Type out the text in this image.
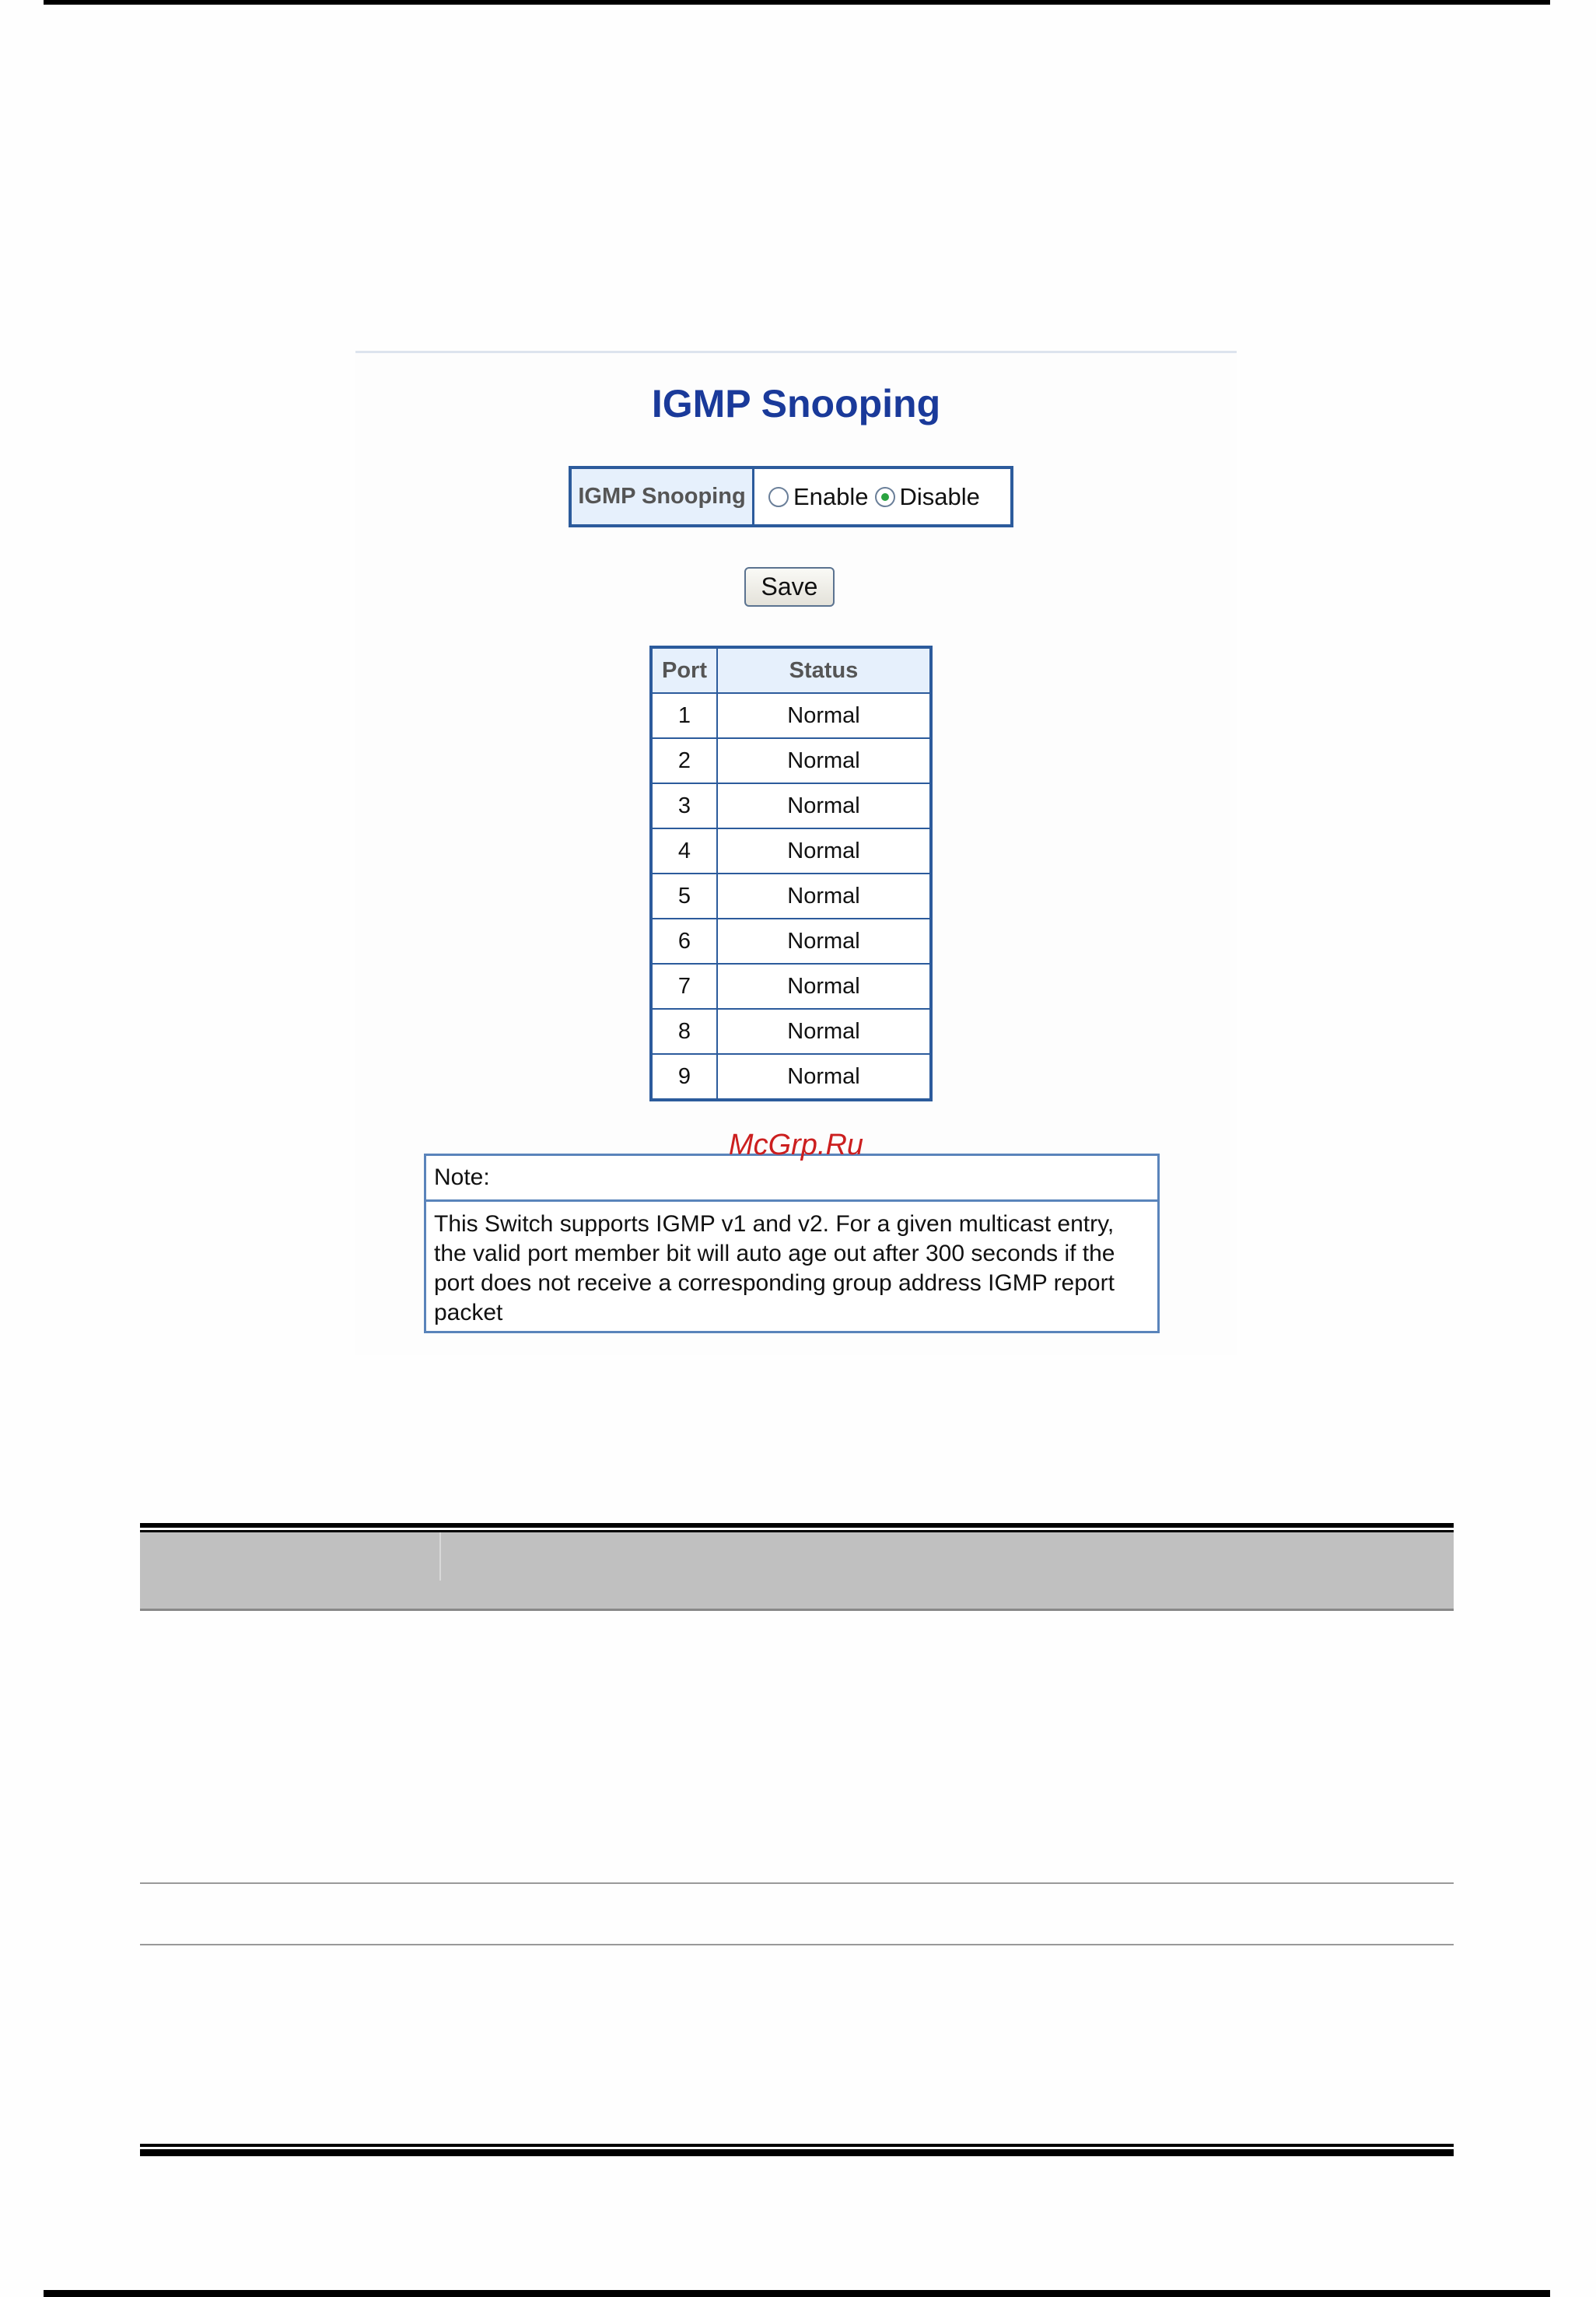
IGMP Snooping
IGMP Snooping	Enable Disable
Save
Port	Status
1	Normal
2	Normal
3	Normal
4	Normal
5	Normal
6	Normal
7	Normal
8	Normal
9	Normal
Note:
This Switch supports IGMP v1 and v2. For a given multicast entry, the valid port member bit will auto age out after 300 seconds if the port does not receive a corresponding group address IGMP report packet
McGrp.Ru
